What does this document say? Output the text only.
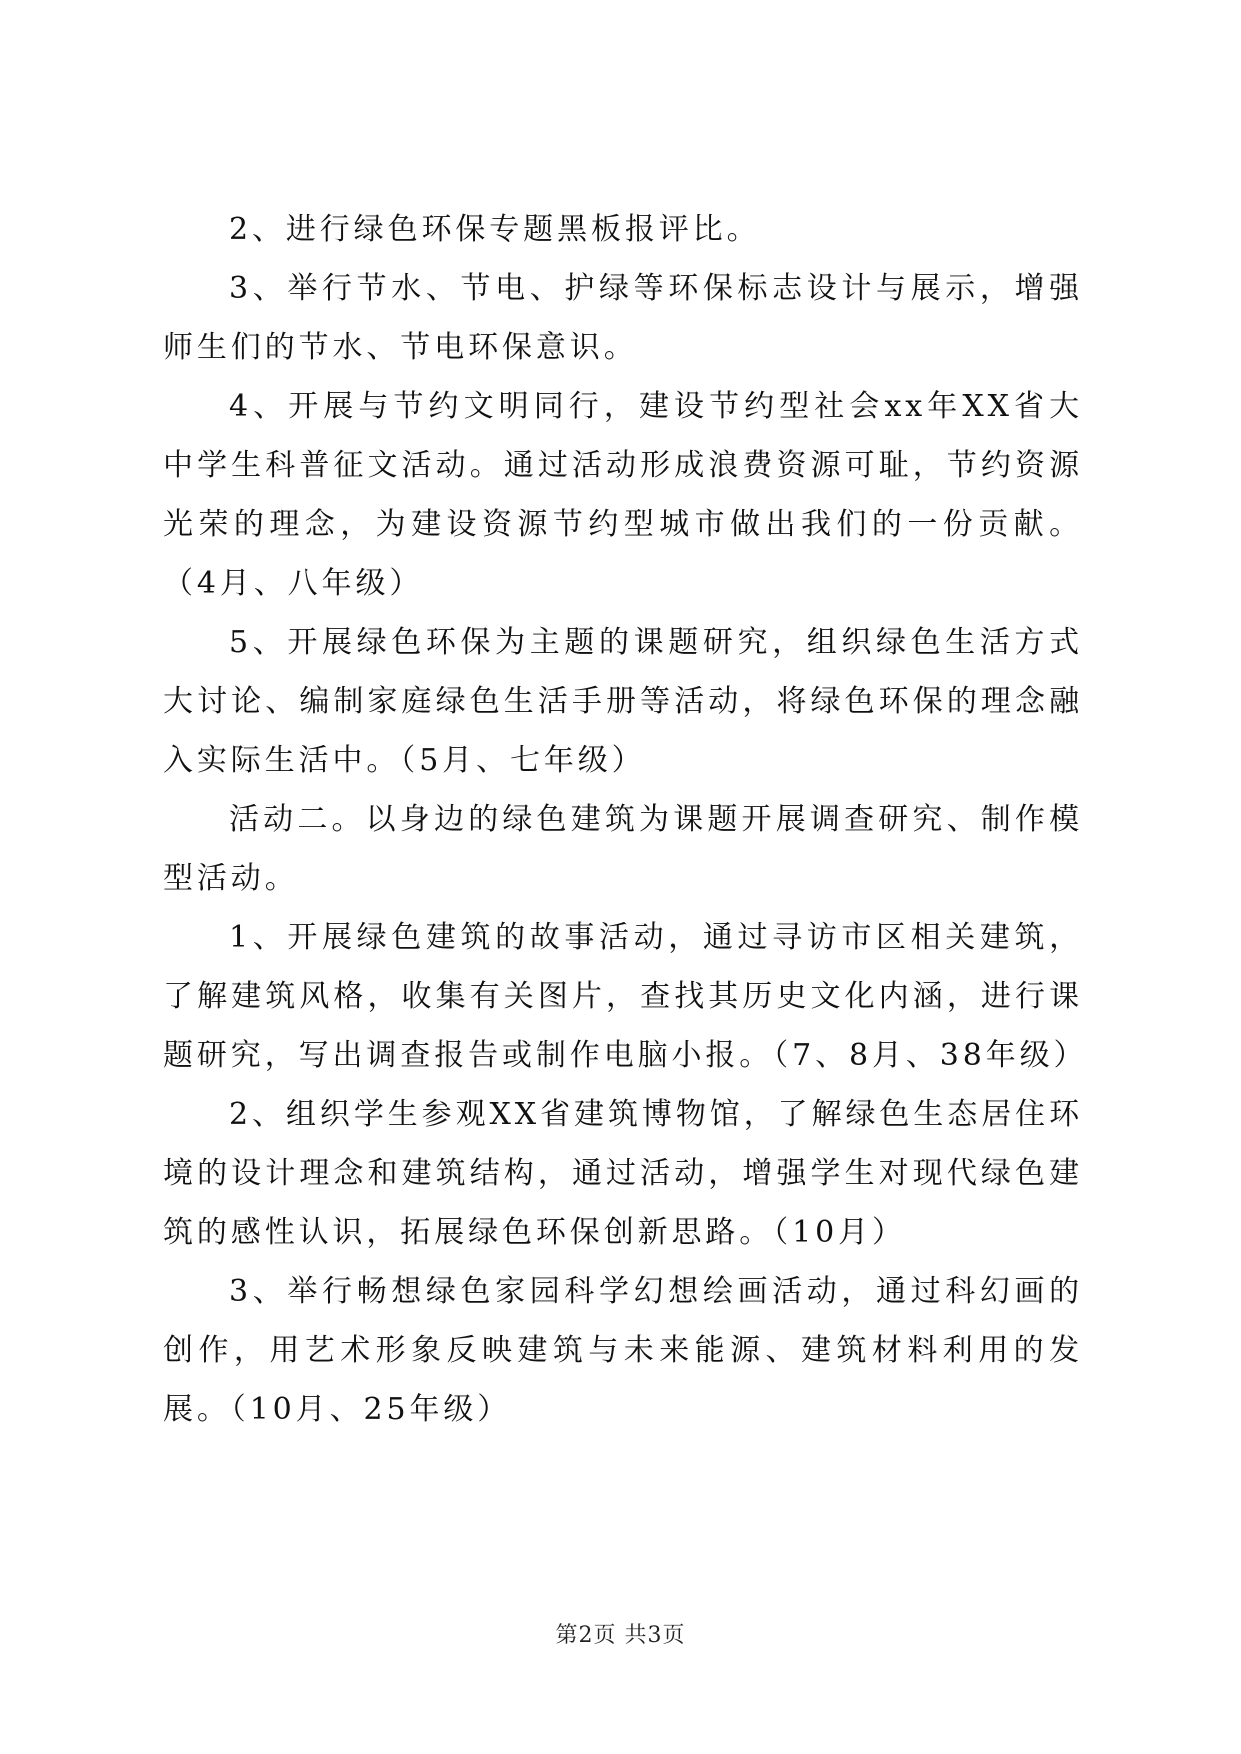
2、进行绿色环保专题黑板报评比。

3、举行节水、节电、护绿等环保标志设计与展示，增强师生们的节水、节电环保意识。

4、开展与节约文明同行，建设节约型社会xx年XX省大中学生科普征文活动。通过活动形成浪费资源可耻，节约资源光荣的理念，为建设资源节约型城市做出我们的一份贡献。（4月、八年级）

5、开展绿色环保为主题的课题研究，组织绿色生活方式大讨论、编制家庭绿色生活手册等活动，将绿色环保的理念融入实际生活中。（5月、七年级）

活动二。以身边的绿色建筑为课题开展调查研究、制作模型活动。

1、开展绿色建筑的故事活动，通过寻访市区相关建筑，了解建筑风格，收集有关图片，查找其历史文化内涵，进行课题研究，写出调查报告或制作电脑小报。（7、8月、38年级）

2、组织学生参观XX省建筑博物馆，了解绿色生态居住环境的设计理念和建筑结构，通过活动，增强学生对现代绿色建筑的感性认识，拓展绿色环保创新思路。（10月）

3、举行畅想绿色家园科学幻想绘画活动，通过科幻画的创作，用艺术形象反映建筑与未来能源、建筑材料利用的发展。（10月、25年级）

第2页 共3页
